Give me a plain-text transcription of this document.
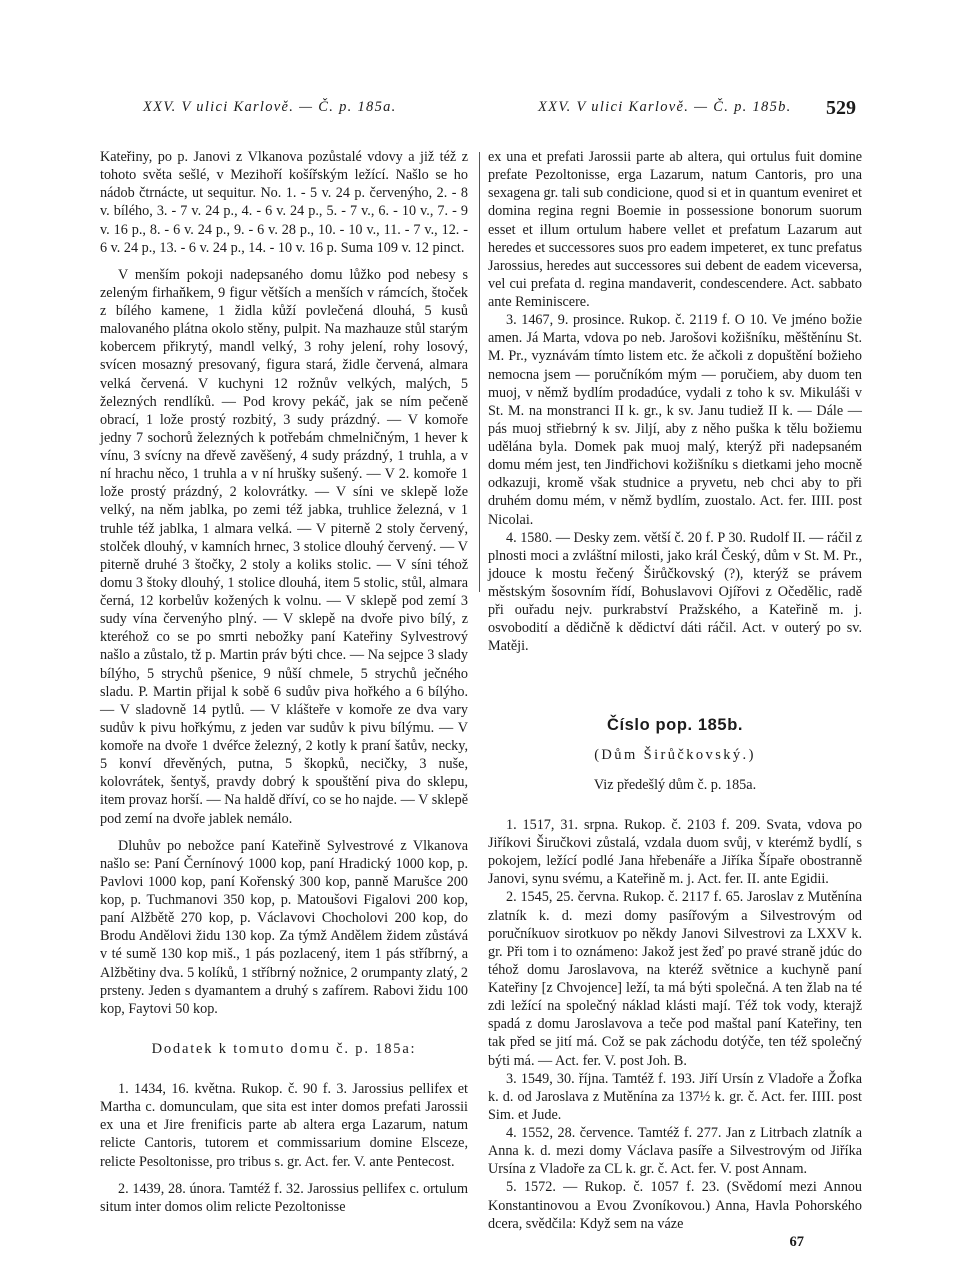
XXV. V ulici Karlově. — Č. p. 185a.	XXV. V ulici Karlově. — Č. p. 185b. 529

Kateřiny, po p. Janovi z Vlkanova pozůstalé vdovy a již též z tohoto světa sešlé, v Mezihoří košířským ležící. Našlo se ho nádob čtrnácte, ut sequitur. No. 1. - 5 v. 24 p. červenýho, 2. - 8 v. bílého, 3. - 7 v. 24 p., 4. - 6 v. 24 p., 5. - 7 v., 6. - 10 v., 7. - 9 v. 16 p., 8. - 6 v. 24 p., 9. - 6 v. 28 p., 10. - 10 v., 11. - 7 v., 12. - 6 v. 24 p., 13. - 6 v. 24 p., 14. - 10 v. 16 p. Suma 109 v. 12 pinct.

V menším pokoji nadepsaného domu lůžko pod nebesy s zeleným firhaňkem, 9 figur větších a menších v rámcích, štoček z bílého kamene, 1 židla kůží povlečená dlouhá, 5 kusů malovaného plátna okolo stěny, pulpit. Na mazhauze stůl starým kobercem přikrytý, mandl velký, 3 rohy jelení, rohy losový, svícen mosazný presovaný, figura stará, židle červená, almara velká červená. V kuchyni 12 rožnův velkých, malých, 5 železných rendlíků. — Pod krovy pekáč, jak se ním pečeně obrací, 1 lože prostý rozbitý, 3 sudy prázdný. — V komoře jedny 7 sochorů železných k potřebám chmelničným, 1 hever k vínu, 3 svícny na dřevě zavěšený, 4 sudy prázdný, 1 truhla, a v ní hrachu něco, 1 truhla a v ní hrušky sušený. — V 2. komoře 1 lože prostý prázdný, 2 kolovrátky. — V síni ve sklepě lože velký, na něm jablka, po zemi též jabka, truhlice železná, v 1 truhle též jablka, 1 almara velká. — V piterně 2 stoly červený, stolček dlouhý, v kamních hrnec, 3 stolice dlouhý červený. — V piterně druhé 3 štočky, 2 stoly a koliks stolic. — V síni téhož domu 3 štoky dlouhý, 1 stolice dlouhá, item 5 stolic, stůl, almara černá, 12 korbelův kožených k volnu. — V sklepě pod zemí 3 sudy vína červenýho plný. — V sklepě na dvoře pivo bílý, z kteréhož co se po smrti nebožky paní Kateřiny Sylvestrový našlo a zůstalo, tž p. Martin práv býti chce. — Na sejpce 3 slady bílýho, 5 strychů pšenice, 9 nůší chmele, 5 strychů ječného sladu. P. Martin přijal k sobě 6 sudův piva hořkého a 6 bílýho. — V sladovně 14 pytlů. — V klášteře v komoře ze dva vary sudův k pivu hořkýmu, z jeden var sudův k pivu bílýmu. — V komoře na dvoře 1 dvéřce železný, 2 kotly k praní šatův, necky, 5 konví dřevěných, putna, 5 škopků, necičky, 3 nuše, kolovrátek, šentyš, pravdy dobrý k spouštění piva do sklepu, item provaz horší. — Na haldě dříví, co se ho najde. — V sklepě pod zemí na dvoře jablek nemálo.

Dluhův po nebožce paní Kateřině Sylvestrové z Vlkanova našlo se: Paní Černínový 1000 kop, paní Hradický 1000 kop, p. Pavlovi 1000 kop, paní Kořenský 300 kop, panně Marušce 200 kop, p. Tuchmanovi 350 kop, p. Matoušovi Figalovi 200 kop, paní Alžbětě 270 kop, p. Václavovi Chocholovi 200 kop, do Brodu Andělovi židu 130 kop. Za týmž Andělem židem zůstává v té sumě 130 kop miš., 1 pás pozlacený, item 1 pás stříbrný, a Alžbětiny dva. 5 kolíků, 1 stříbrný nožnice, 2 orumpanty zlatý, 2 prsteny. Jeden s dyamantem a druhý s zafírem. Rabovi židu 100 kop, Faytovi 50 kop.

Dodatek k tomuto domu č. p. 185a:

1. 1434, 16. května. Rukop. č. 90 f. 3. Jarossius pellifex et Martha c. domunculam, que sita est inter domos prefati Jarossii ex una et Jire frenificis parte ab altera erga Lazarum, natum relicte Cantoris, tutorem et commissarium domine Elsceze, relicte Pesoltonisse, pro tribus s. gr. Act. fer. V. ante Pentecost.

2. 1439, 28. února. Tamtéž f. 32. Jarossius pellifex c. ortulum situm inter domos olim relicte Pezoltonisse

ex una et prefati Jarossii parte ab altera, qui ortulus fuit domine prefate Pezoltonisse, erga Lazarum, natum Cantoris, pro una sexagena gr. tali sub condicione, quod si et in quantum eveniret et domina regina regni Boemie in possessione bonorum suorum esset et illum ortulum habere vellet et prefatum Lazarum aut heredes et successores suos pro eadem impeteret, ex tunc prefatus Jarossius, heredes aut successores sui debent de eadem viceversa, vel cui prefata d. regina mandaverit, condescendere. Act. sabbato ante Reminiscere.

3. 1467, 9. prosince. Rukop. č. 2119 f. O 10. Ve jméno božie amen. Já Marta, vdova po neb. Jarošovi kožišníku, měštěnínu St. M. Pr., vyznávám tímto listem etc. že ačkoli z dopuštění božieho nemocna jsem — poručníkóm mým — poručiem, aby duom ten muoj, v němž bydlím prodadúce, vydali z toho k sv. Mikuláši v St. M. na monstranci II k. gr., k sv. Janu tudiež II k. — Dále — pás muoj střiebrný k sv. Jiljí, aby z něho puška k tělu božiemu udělána byla. Domek pak muoj malý, kterýž při nadepsaném domu mém jest, ten Jindřichovi kožišníku s dietkami jeho mocně odkazuji, kromě však studnice a pryvetu, neb chci aby to při druhém domu mém, v němž bydlím, zuostalo. Act. fer. IIII. post Nicolai.

4. 1580. — Desky zem. větší č. 20 f. P 30. Rudolf II. — ráčil z plnosti moci a zvláštní milosti, jako král Český, dům v St. M. Pr., jdouce k mostu řečený Širůčkovský (?), kterýž se právem městským šosovním řídí, Bohuslavovi Ojířovi z Očedělic, radě při ouřadu nejv. purkrabství Pražského, a Kateřině m. j. osvobodití a dědičně k dědictví dáti ráčil. Act. v outerý po sv. Matěji.

Číslo pop. 185b.

(Dům Širůčkovský.)

Viz předešlý dům č. p. 185a.

1. 1517, 31. srpna. Rukop. č. 2103 f. 209. Svata, vdova po Jiříkovi Širučkovi zůstalá, vzdala duom svůj, v kterémž bydlí, s pokojem, ležící podlé Jana hřebenáře a Jiříka Šípaře obostranně Janovi, synu svému, a Kateřině m. j. Act. fer. II. ante Egidii.

2. 1545, 25. června. Rukop. č. 2117 f. 65. Jaroslav z Mutěnína zlatník k. d. mezi domy pasířovým a Silvestrovým od poručníkuov sirotkuov po někdy Janovi Silvestrovi za LXXV k. gr. Při tom i to oznámeno: Jakož jest žeď po pravé straně jdúc do téhož domu Jaroslavova, na kteréž světnice a kuchyně paní Kateřiny [z Chvojence] leží, ta má býti společná. A ten žlab na té zdi ležící na společný náklad klásti mají. Též tok vody, kterajž spadá z domu Jaroslavova a teče pod maštal paní Kateřiny, ten tak před se jití má. Což se pak záchodu dotýče, ten též společný býti má. — Act. fer. V. post Joh. B.

3. 1549, 30. října. Tamtéž f. 193. Jiří Ursín z Vladoře a Žofka k. d. od Jaroslava z Mutěnína za 137½ k. gr. č. Act. fer. IIII. post Sim. et Jude.

4. 1552, 28. července. Tamtéž f. 277. Jan z Litrbach zlatník a Anna k. d. mezi domy Václava pasíře a Silvestrovým od Jiříka Ursína z Vladoře za CL k. gr. č. Act. fer. V. post Annam.

5. 1572. — Rukop. č. 1057 f. 23. (Svědomí mezi Annou Konstantinovou a Evou Zvoníkovou.) Anna, Havla Pohorského dcera, svědčila: Když sem na váze

67
